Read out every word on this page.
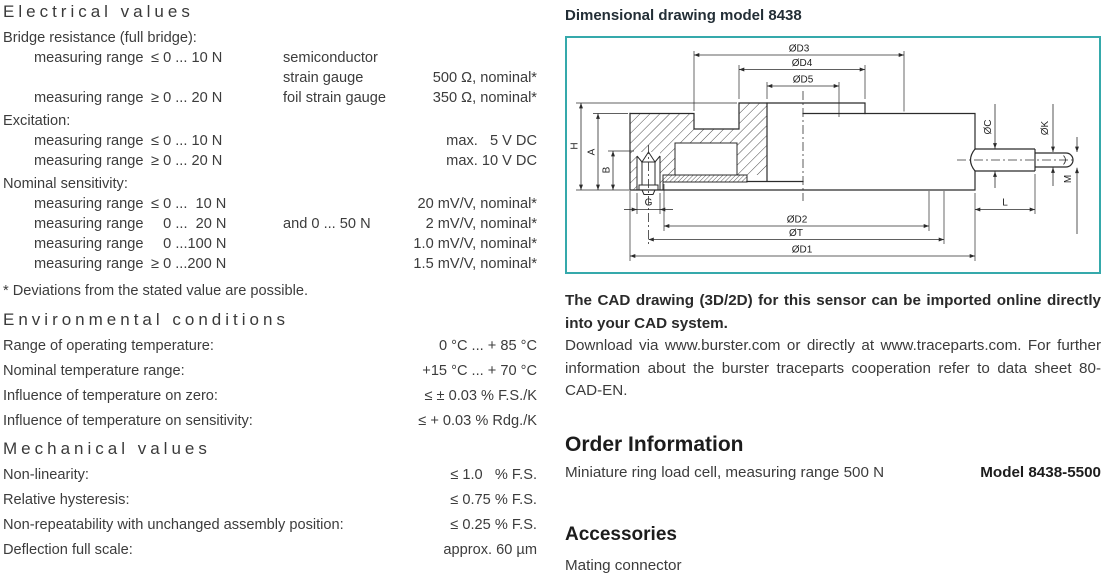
Electrical values
Bridge resistance (full bridge):
measuring range ≤ 0 ... 10 N	semiconductor
strain gauge	500 Ω, nominal*
measuring range ≥ 0 ... 20 N	foil strain gauge	350 Ω, nominal*
Excitation:
measuring range ≤ 0 ... 10 N	max.   5 V DC
measuring range ≥ 0 ... 20 N	max. 10 V DC
Nominal sensitivity:
measuring range ≤ 0 ...  10 N	20 mV/V, nominal*
measuring range 0 ...  20 N	and 0 ... 50 N	2 mV/V, nominal*
measuring range 0 ...100 N	1.0 mV/V, nominal*
measuring range ≥ 0 ...200 N	1.5 mV/V, nominal*
* Deviations from the stated value are possible.
Environmental conditions
Range of operating temperature:	0 °C ... + 85 °C
Nominal temperature range:	+15 °C ... + 70 °C
Influence of temperature on zero:	≤ ± 0.03 % F.S./K
Influence of temperature on sensitivity:	≤ + 0.03 % Rdg./K
Mechanical values
Non-linearity:	≤ 1.0   % F.S.
Relative hysteresis:	≤ 0.75 % F.S.
Non-repeatability with unchanged assembly position:	≤ 0.25 % F.S.
Deflection full scale:	approx. 60 µm
Dimensional drawing model 8438
ØD3
ØD4
ØD5
ØD2
ØT
ØD1
G	L
H
A
B
ØC	ØK
M
The CAD drawing (3D/2D) for this sensor can be imported online directly into your CAD system.
Download via www.burster.com or directly at www.traceparts.com. For further information about the burster traceparts cooperation refer to data sheet 80-CAD-EN.
Order Information
Miniature ring load cell, measuring range 500 N	Model 8438-5500
Accessories
Mating connector
